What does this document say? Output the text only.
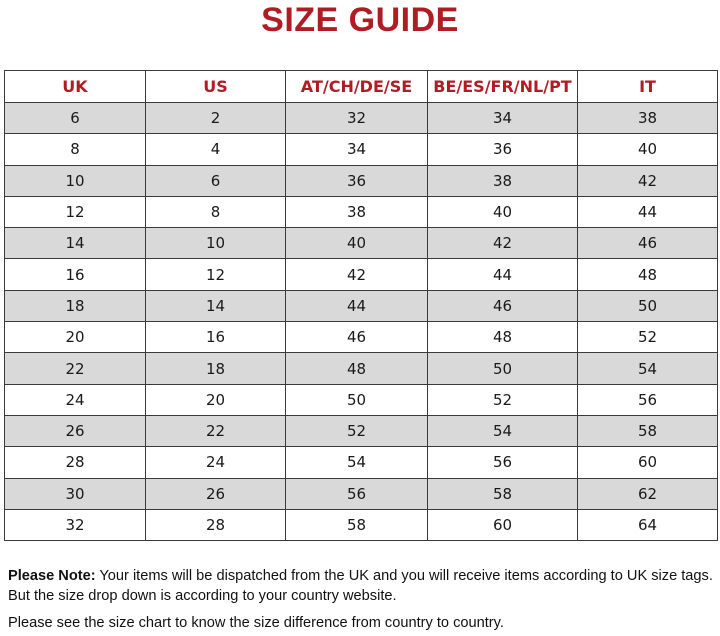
SIZE GUIDE
UK	US	AT/CH/DE/SE	BE/ES/FR/NL/PT	IT
6	2	32	34	38
8	4	34	36	40
10	6	36	38	42
12	8	38	40	44
14	10	40	42	46
16	12	42	44	48
18	14	44	46	50
20	16	46	48	52
22	18	48	50	54
24	20	50	52	56
26	22	52	54	58
28	24	54	56	60
30	26	56	58	62
32	28	58	60	64

Please Note: Your items will be dispatched from the UK and you will receive items according to UK size tags. But the size drop down is according to your country website.

Please see the size chart to know the size difference from country to country.
